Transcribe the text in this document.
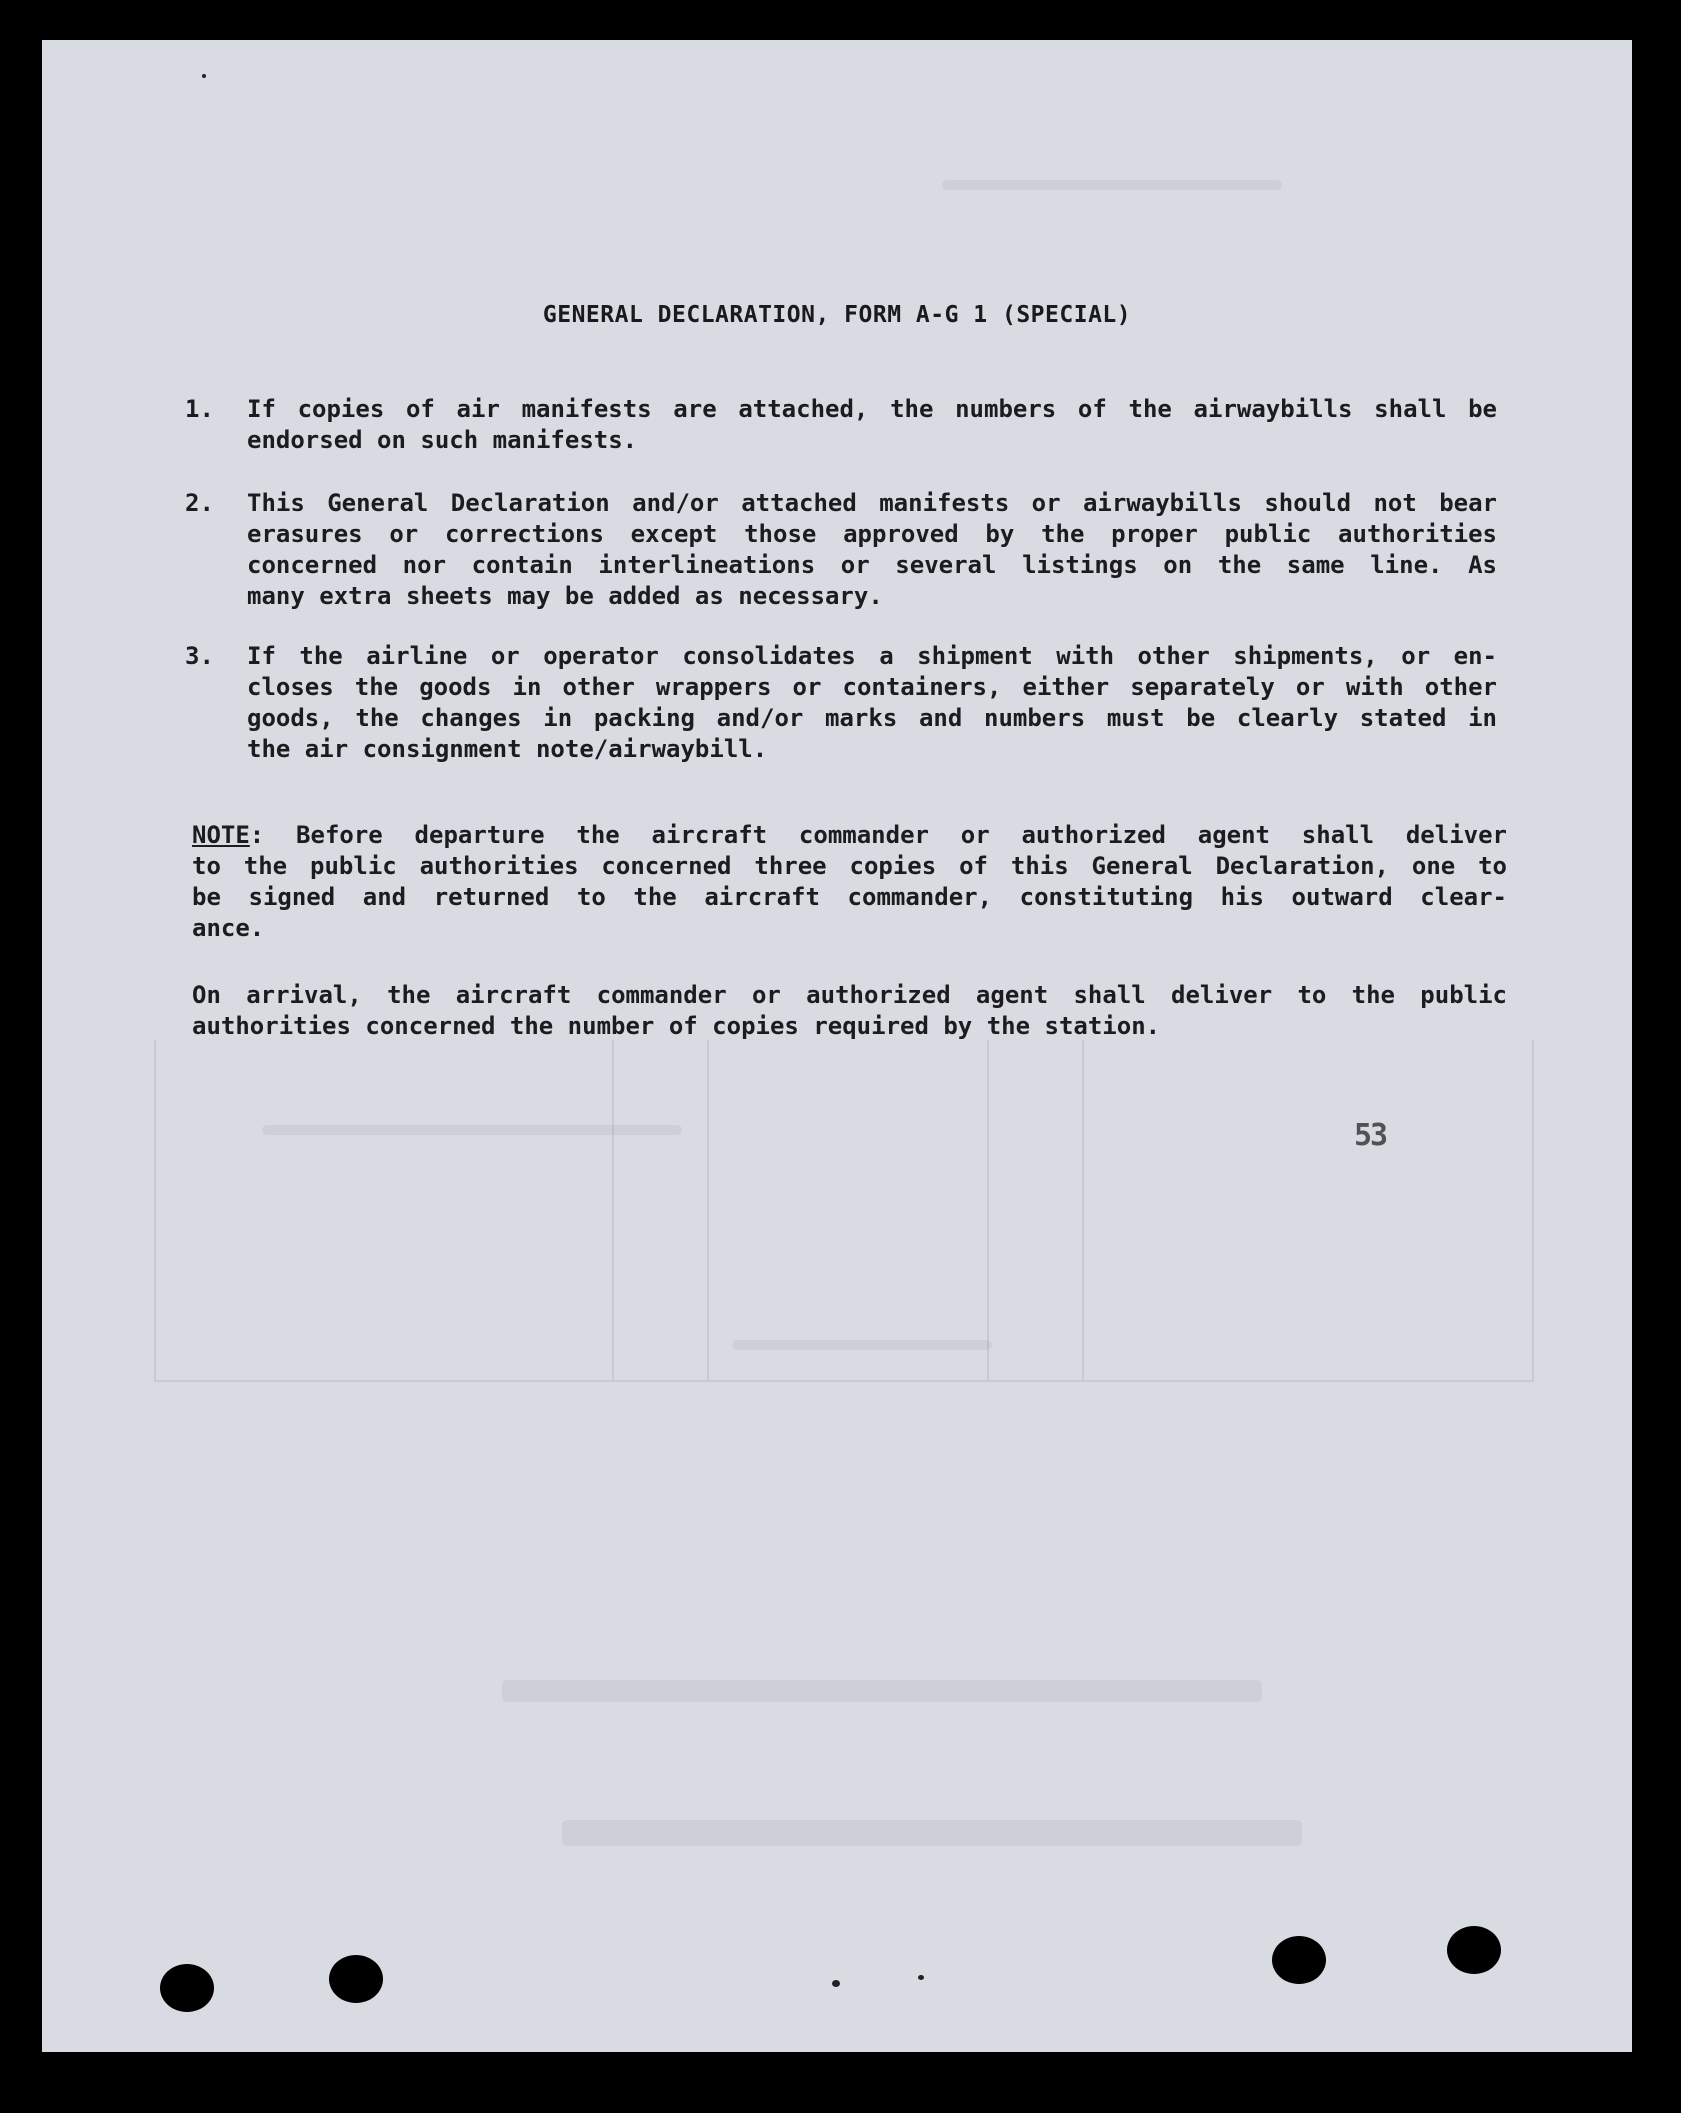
GENERAL DECLARATION, FORM A-G 1 (SPECIAL)
1. If copies of air manifests are attached, the numbers of the airwaybills shall be
endorsed on such manifests.
2. This General Declaration and/or attached manifests or airwaybills should not bear
erasures or corrections except those approved by the proper public authorities
concerned nor contain interlineations or several listings on the same line. As
many extra sheets may be added as necessary.
3. If the airline or operator consolidates a shipment with other shipments, or en-
closes the goods in other wrappers or containers, either separately or with other
goods, the changes in packing and/or marks and numbers must be clearly stated in
the air consignment note/airwaybill.
NOTE: Before departure the aircraft commander or authorized agent shall deliver
to the public authorities concerned three copies of this General Declaration, one to
be signed and returned to the aircraft commander, constituting his outward clear-
ance.
On arrival, the aircraft commander or authorized agent shall deliver to the public
authorities concerned the number of copies required by the station.
53
